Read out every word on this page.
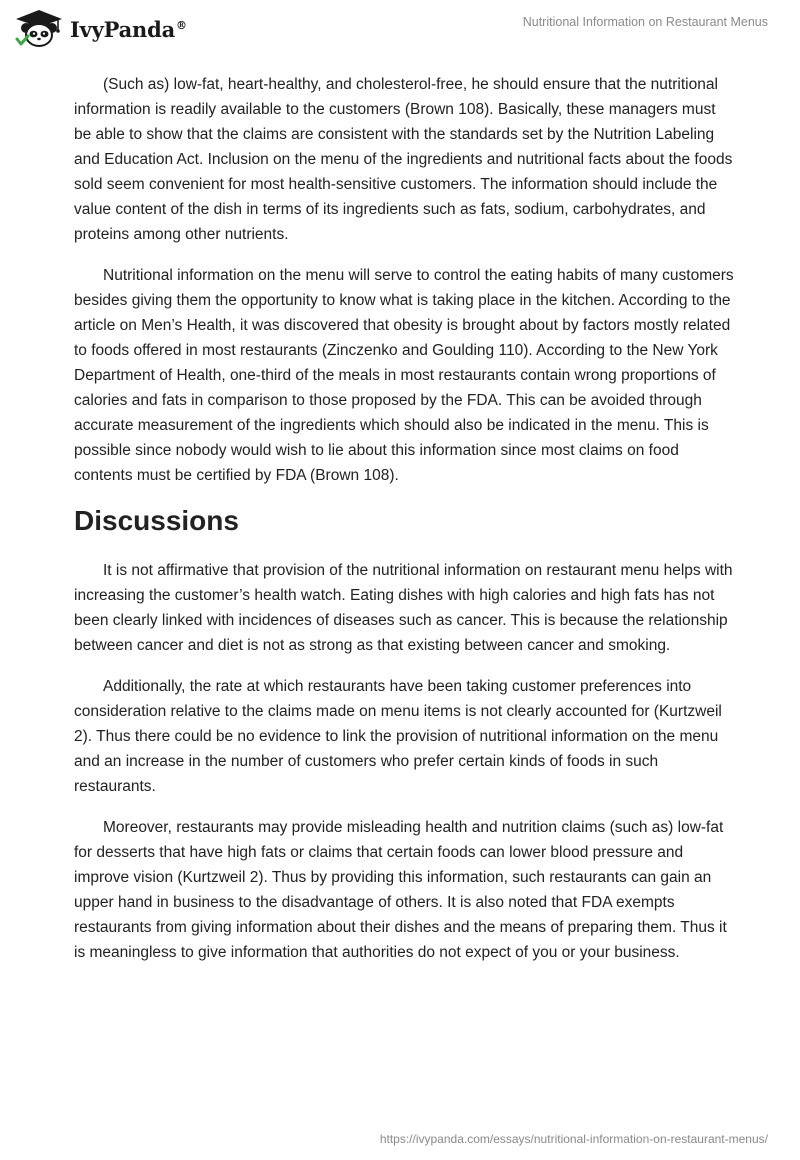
IvyPanda®	Nutritional Information on Restaurant Menus

(Such as) low-fat, heart-healthy, and cholesterol-free, he should ensure that the nutritional information is readily available to the customers (Brown 108). Basically, these managers must be able to show that the claims are consistent with the standards set by the Nutrition Labeling and Education Act. Inclusion on the menu of the ingredients and nutritional facts about the foods sold seem convenient for most health-sensitive customers. The information should include the value content of the dish in terms of its ingredients such as fats, sodium, carbohydrates, and proteins among other nutrients.

Nutritional information on the menu will serve to control the eating habits of many customers besides giving them the opportunity to know what is taking place in the kitchen. According to the article on Men’s Health, it was discovered that obesity is brought about by factors mostly related to foods offered in most restaurants (Zinczenko and Goulding 110). According to the New York Department of Health, one-third of the meals in most restaurants contain wrong proportions of calories and fats in comparison to those proposed by the FDA. This can be avoided through accurate measurement of the ingredients which should also be indicated in the menu. This is possible since nobody would wish to lie about this information since most claims on food contents must be certified by FDA (Brown 108).

Discussions

It is not affirmative that provision of the nutritional information on restaurant menu helps with increasing the customer’s health watch. Eating dishes with high calories and high fats has not been clearly linked with incidences of diseases such as cancer. This is because the relationship between cancer and diet is not as strong as that existing between cancer and smoking.

Additionally, the rate at which restaurants have been taking customer preferences into consideration relative to the claims made on menu items is not clearly accounted for (Kurtzweil 2). Thus there could be no evidence to link the provision of nutritional information on the menu and an increase in the number of customers who prefer certain kinds of foods in such restaurants.

Moreover, restaurants may provide misleading health and nutrition claims (such as) low-fat for desserts that have high fats or claims that certain foods can lower blood pressure and improve vision (Kurtzweil 2). Thus by providing this information, such restaurants can gain an upper hand in business to the disadvantage of others. It is also noted that FDA exempts restaurants from giving information about their dishes and the means of preparing them. Thus it is meaningless to give information that authorities do not expect of you or your business.

https://ivypanda.com/essays/nutritional-information-on-restaurant-menus/
